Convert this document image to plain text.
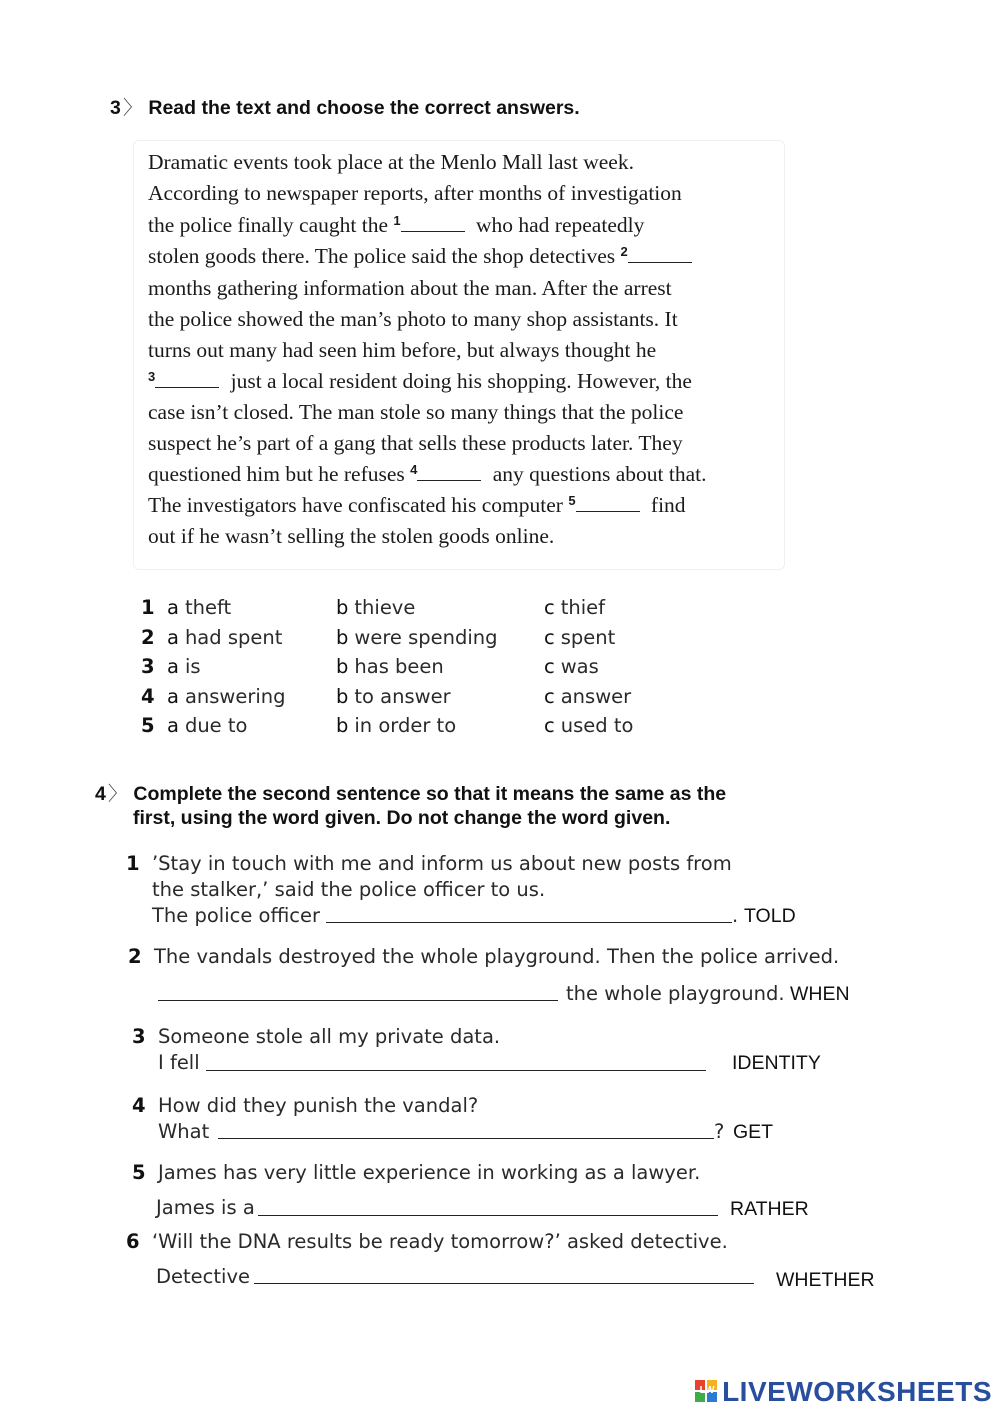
3 〉 Read the text and choose the correct answers.
Dramatic events took place at the Menlo Mall last week.
According to newspaper reports, after months of investigation
the police finally caught the $^1$	who had repeatedly
stolen goods there. The police said the shop detectives $^2$
months gathering information about the man. After the arrest
the police showed the man’s photo to many shop assistants. It
turns out many had seen him before, but always thought he
$^3$	just a local resident doing his shopping. However, the
case isn’t closed. The man stole so many things that the police
suspect he’s part of a gang that sells these products later. They
questioned him but he refuses $^4$	any questions about that.
The investigators have confiscated his computer $^5$	find
out if he wasn’t selling the stolen goods online.
1 a theft	b thieve	c thief
2 a had spent	b were spending c spent
3 a is	b has been	c was
4 a answering	b to answer	c answer
5 a due to	b in order to	c used to
4 〉 Complete the second sentence so that it means the same as the
first, using the word given. Do not change the word given.
1 ’Stay in touch with me and inform us about new posts from
the stalker,’ said the police officer to us.
The police officer	. TOLD
2 The vandals destroyed the whole playground. Then the police arrived.
the whole playground. WHEN
3 Someone stole all my private data.
I fell	IDENTITY
4 How did they punish the vandal?
What	? GET
5 James has very little experience in working as a lawyer.
James is a	RATHER
6 ‘Will the DNA results be ready tomorrow?’ asked detective.
Detective	WHETHER
LW LIVEWORKSHEETS
